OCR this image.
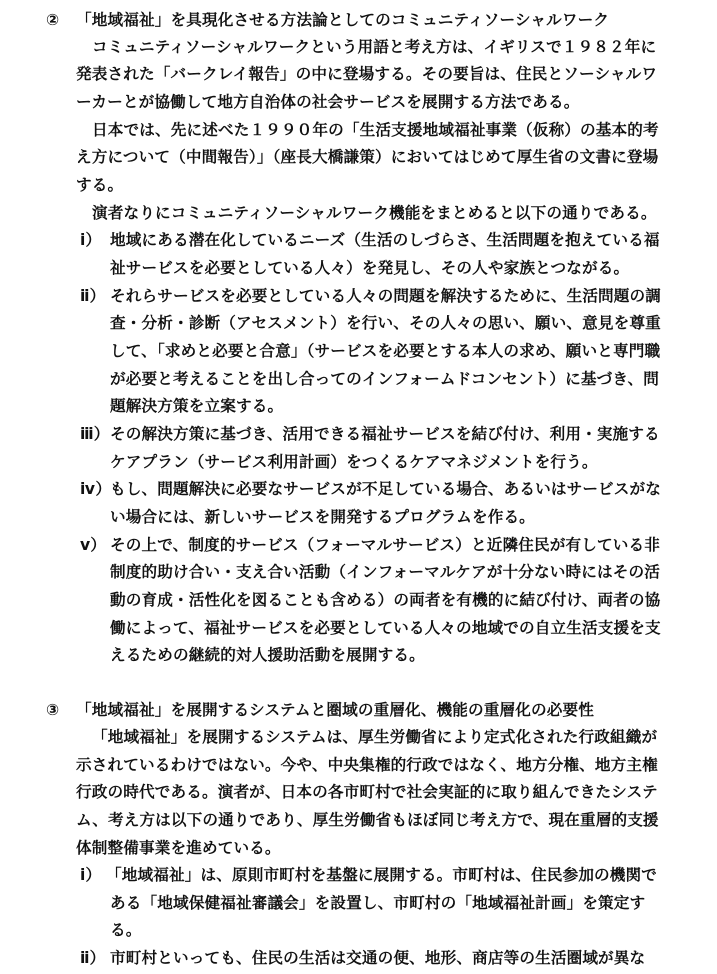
② 「地域福祉」を具現化させる方法論としてのコミュニティソーシャルワーク
コミュニティソーシャルワークという用語と考え方は、イギリスで１９８２年に
発表された「バークレイ報告」の中に登場する。その要旨は、住民とソーシャルワ
ーカーとが協働して地方自治体の社会サービスを展開する方法である。
日本では、先に述べた１９９０年の「生活支援地域福祉事業（仮称）の基本的考
え方について（中間報告）」（座長大橋謙策）においてはじめて厚生省の文書に登場
する。
演者なりにコミュニティソーシャルワーク機能をまとめると以下の通りである。
ⅰ） 地域にある潜在化しているニーズ（生活のしづらさ、生活問題を抱えている福
祉サービスを必要としている人々）を発見し、その人や家族とつながる。
ⅱ） それらサービスを必要としている人々の問題を解決するために、生活問題の調
査・分析・診断（アセスメント）を行い、その人々の思い、願い、意見を尊重
して、「求めと必要と合意」（サービスを必要とする本人の求め、願いと専門職
が必要と考えることを出し合ってのインフォームドコンセント）に基づき、問
題解決方策を立案する。
ⅲ） その解決方策に基づき、活用できる福祉サービスを結び付け、利用・実施する
ケアプラン（サービス利用計画）をつくるケアマネジメントを行う。
ⅳ）
もし、問題解決に必要なサービスが不足している場合、あるいはサービスがな
い場合には、新しいサービスを開発するプログラムを作る。
ⅴ） その上で、制度的サービス（フォーマルサービス）と近隣住民が有している非
制度的助け合い・支え合い活動（インフォーマルケアが十分ない時にはその活
動の育成・活性化を図ることも含める）の両者を有機的に結び付け、両者の協
働によって、福祉サービスを必要としている人々の地域での自立生活支援を支
えるための継続的対人援助活動を展開する。
③ 「地域福祉」を展開するシステムと圏域の重層化、機能の重層化の必要性
「地域福祉」を展開するシステムは、厚生労働省により定式化された行政組織が
示されているわけではない。今や、中央集権的行政ではなく、地方分権、地方主権
行政の時代である。演者が、日本の各市町村で社会実証的に取り組んできたシステ
ム、考え方は以下の通りであり、厚生労働省もほぼ同じ考え方で、現在重層的支援
体制整備事業を進めている。
ⅰ） 「地域福祉」は、原則市町村を基盤に展開する。市町村は、住民参加の機関で
ある「地域保健福祉審議会」を設置し、市町村の「地域福祉計画」を策定す
る。
ⅱ） 市町村といっても、住民の生活は交通の便、地形、商店等の生活圏域が異な
